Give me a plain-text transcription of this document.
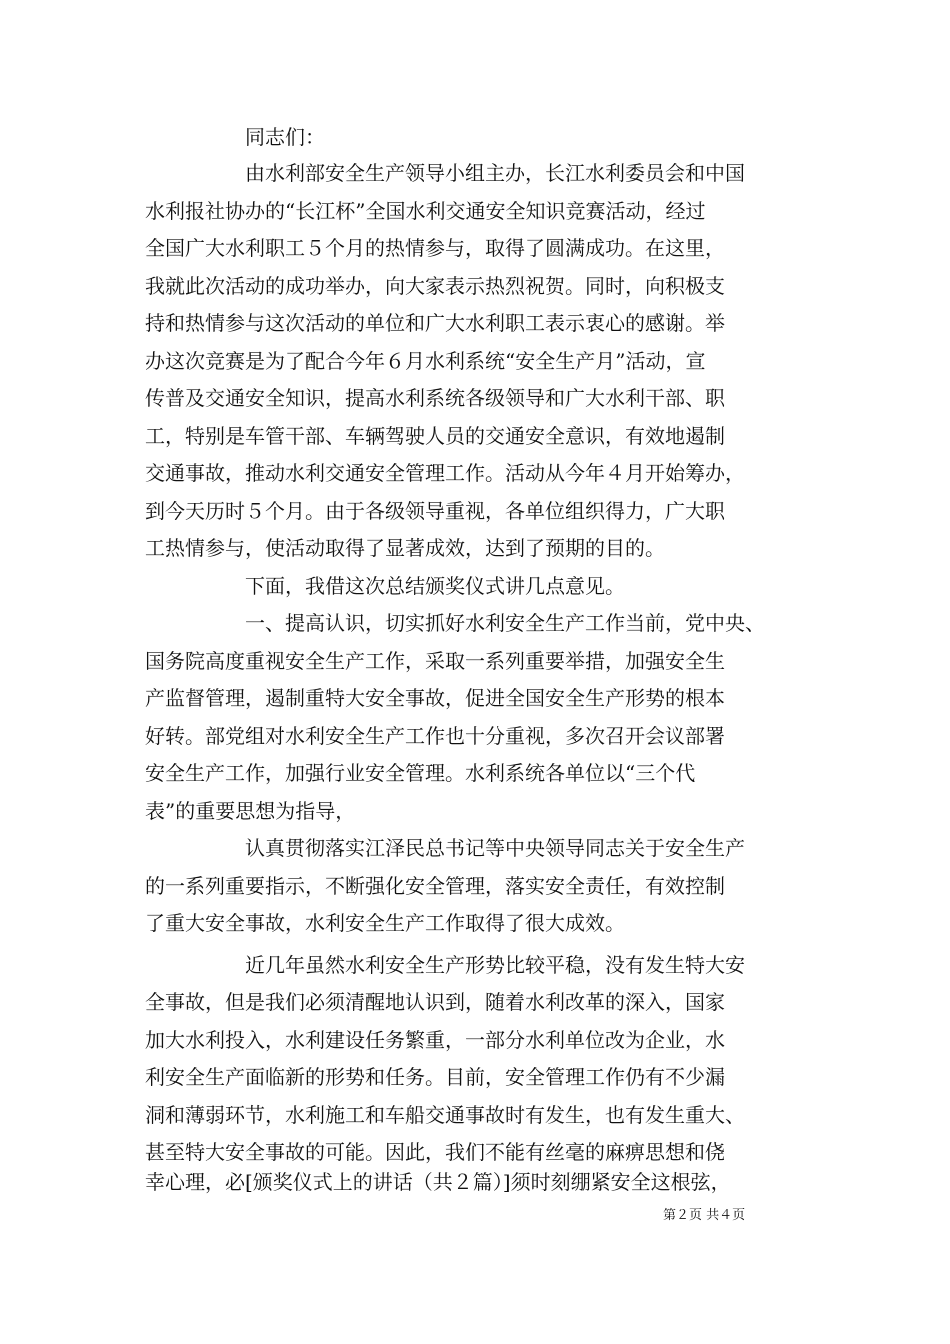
同志们：
由水利部安全生产领导小组主办，长江水利委员会和中国
水利报社协办的“长江杯”全国水利交通安全知识竞赛活动，经过
全国广大水利职工５个月的热情参与，取得了圆满成功。在这里，
我就此次活动的成功举办，向大家表示热烈祝贺。同时，向积极支
持和热情参与这次活动的单位和广大水利职工表示衷心的感谢。举
办这次竞赛是为了配合今年６月水利系统“安全生产月”活动，宣
传普及交通安全知识，提高水利系统各级领导和广大水利干部、职
工，特别是车管干部、车辆驾驶人员的交通安全意识，有效地遏制
交通事故，推动水利交通安全管理工作。活动从今年４月开始筹办，
到今天历时５个月。由于各级领导重视，各单位组织得力，广大职
工热情参与，使活动取得了显著成效，达到了预期的目的。
下面，我借这次总结颁奖仪式讲几点意见。
一、提高认识，切实抓好水利安全生产工作当前，党中央、
国务院高度重视安全生产工作，采取一系列重要举措，加强安全生
产监督管理，遏制重特大安全事故，促进全国安全生产形势的根本
好转。部党组对水利安全生产工作也十分重视，多次召开会议部署
安全生产工作，加强行业安全管理。水利系统各单位以“三个代
表”的重要思想为指导，
认真贯彻落实江泽民总书记等中央领导同志关于安全生产
的一系列重要指示，不断强化安全管理，落实安全责任，有效控制
了重大安全事故，水利安全生产工作取得了很大成效。
近几年虽然水利安全生产形势比较平稳，没有发生特大安
全事故，但是我们必须清醒地认识到，随着水利改革的深入，国家
加大水利投入，水利建设任务繁重，一部分水利单位改为企业，水
利安全生产面临新的形势和任务。目前，安全管理工作仍有不少漏
洞和薄弱环节，水利施工和车船交通事故时有发生，也有发生重大、
甚至特大安全事故的可能。因此，我们不能有丝毫的麻痹思想和侥
幸心理，必[颁奖仪式上的讲话（共２篇）]须时刻绷紧安全这根弦，
第２页 共４页
